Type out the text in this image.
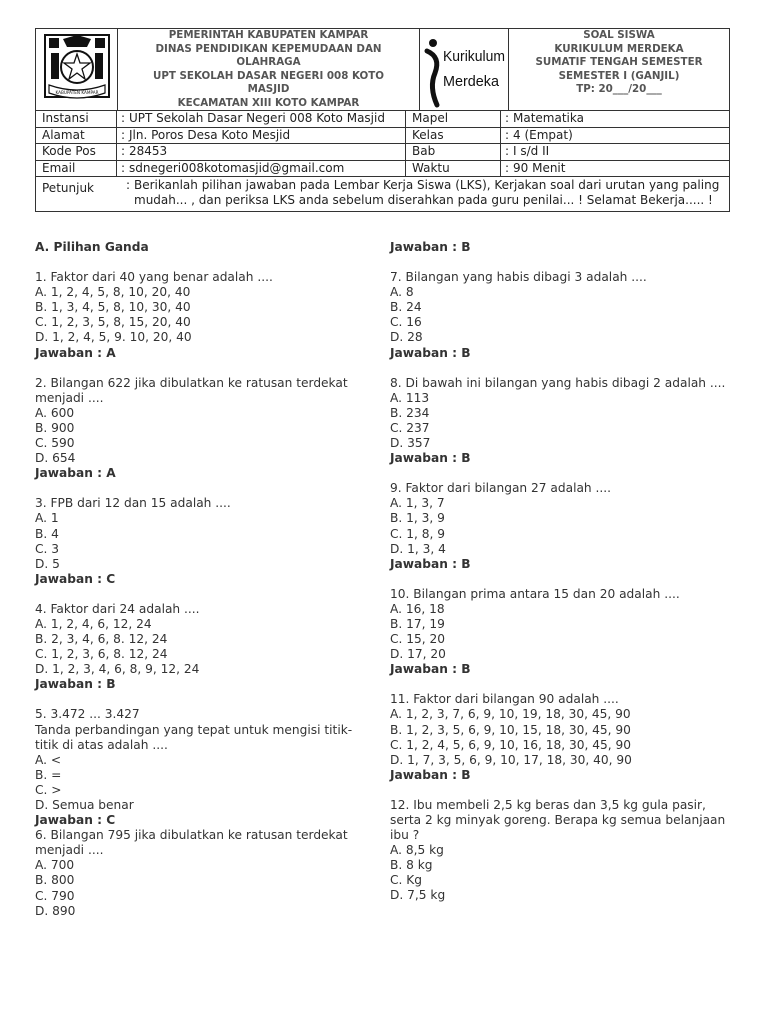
KABUPATEN KAMPAR
PEMERINTAH KABUPATEN KAMPAR
DINAS PENDIDIKAN KEPEMUDAAN DAN
OLAHRAGA
UPT SEKOLAH DASAR NEGERI 008 KOTO
MASJID
KECAMATAN XIII KOTO KAMPAR
Kurikulum
Merdeka
SOAL SISWA
KURIKULUM MERDEKA
SUMATIF TENGAH SEMESTER
SEMESTER I (GANJIL)
TP: 20___/20___
Instansi	: UPT Sekolah Dasar Negeri 008 Koto Masjid	Mapel	: Matematika
Alamat	: Jln. Poros Desa Koto Mesjid	Kelas	: 4 (Empat)
Kode Pos	: 28453	Bab	: I s/d II
Email	: sdnegeri008kotomasjid@gmail.com	Waktu	: 90 Menit
Petunjuk	: Berikanlah pilihan jawaban pada Lembar Kerja Siswa (LKS), Kerjakan soal dari urutan yang paling mudah... , dan periksa LKS anda sebelum diserahkan pada guru penilai... ! Selamat Bekerja..... !
A. Pilihan Ganda
1. Faktor dari 40 yang benar adalah ....
A. 1, 2, 4, 5, 8, 10, 20, 40
B. 1, 3, 4, 5, 8, 10, 30, 40
C. 1, 2, 3, 5, 8, 15, 20, 40
D. 1, 2, 4, 5, 9. 10, 20, 40
Jawaban : A
2. Bilangan 622 jika dibulatkan ke ratusan terdekat menjadi ....
A. 600
B. 900
C. 590
D. 654
Jawaban : A
3. FPB dari 12 dan 15 adalah ....
A. 1
B. 4
C. 3
D. 5
Jawaban : C
4. Faktor dari 24 adalah ....
A. 1, 2, 4, 6, 12, 24
B. 2, 3, 4, 6, 8. 12, 24
C. 1, 2, 3, 6, 8. 12, 24
D. 1, 2, 3, 4, 6, 8, 9, 12, 24
Jawaban : B
5. 3.472 ... 3.427
Tanda perbandingan yang tepat untuk mengisi titik-titik di atas adalah ....
A. <
B. =
C. >
D. Semua benar
Jawaban : C
6. Bilangan 795 jika dibulatkan ke ratusan terdekat menjadi ....
A. 700
B. 800
C. 790
D. 890
Jawaban : B
7. Bilangan yang habis dibagi 3 adalah ....
A. 8
B. 24
C. 16
D. 28
Jawaban : B
8. Di bawah ini bilangan yang habis dibagi 2 adalah ....
A. 113
B. 234
C. 237
D. 357
Jawaban : B
9. Faktor dari bilangan 27 adalah ....
A. 1, 3, 7
B. 1, 3, 9
C. 1, 8, 9
D. 1, 3, 4
Jawaban : B
10. Bilangan prima antara 15 dan 20 adalah ....
A. 16, 18
B. 17, 19
C. 15, 20
D. 17, 20
Jawaban : B
11. Faktor dari bilangan 90 adalah ....
A. 1, 2, 3, 7, 6, 9, 10, 19, 18, 30, 45, 90
B. 1, 2, 3, 5, 6, 9, 10, 15, 18, 30, 45, 90
C. 1, 2, 4, 5, 6, 9, 10, 16, 18, 30, 45, 90
D. 1, 7, 3, 5, 6, 9, 10, 17, 18, 30, 40, 90
Jawaban : B
12. Ibu membeli 2,5 kg beras dan 3,5 kg gula pasir, serta 2 kg minyak goreng. Berapa kg semua belanjaan ibu ?
A. 8,5 kg
B. 8 kg
C. Kg
D. 7,5 kg
